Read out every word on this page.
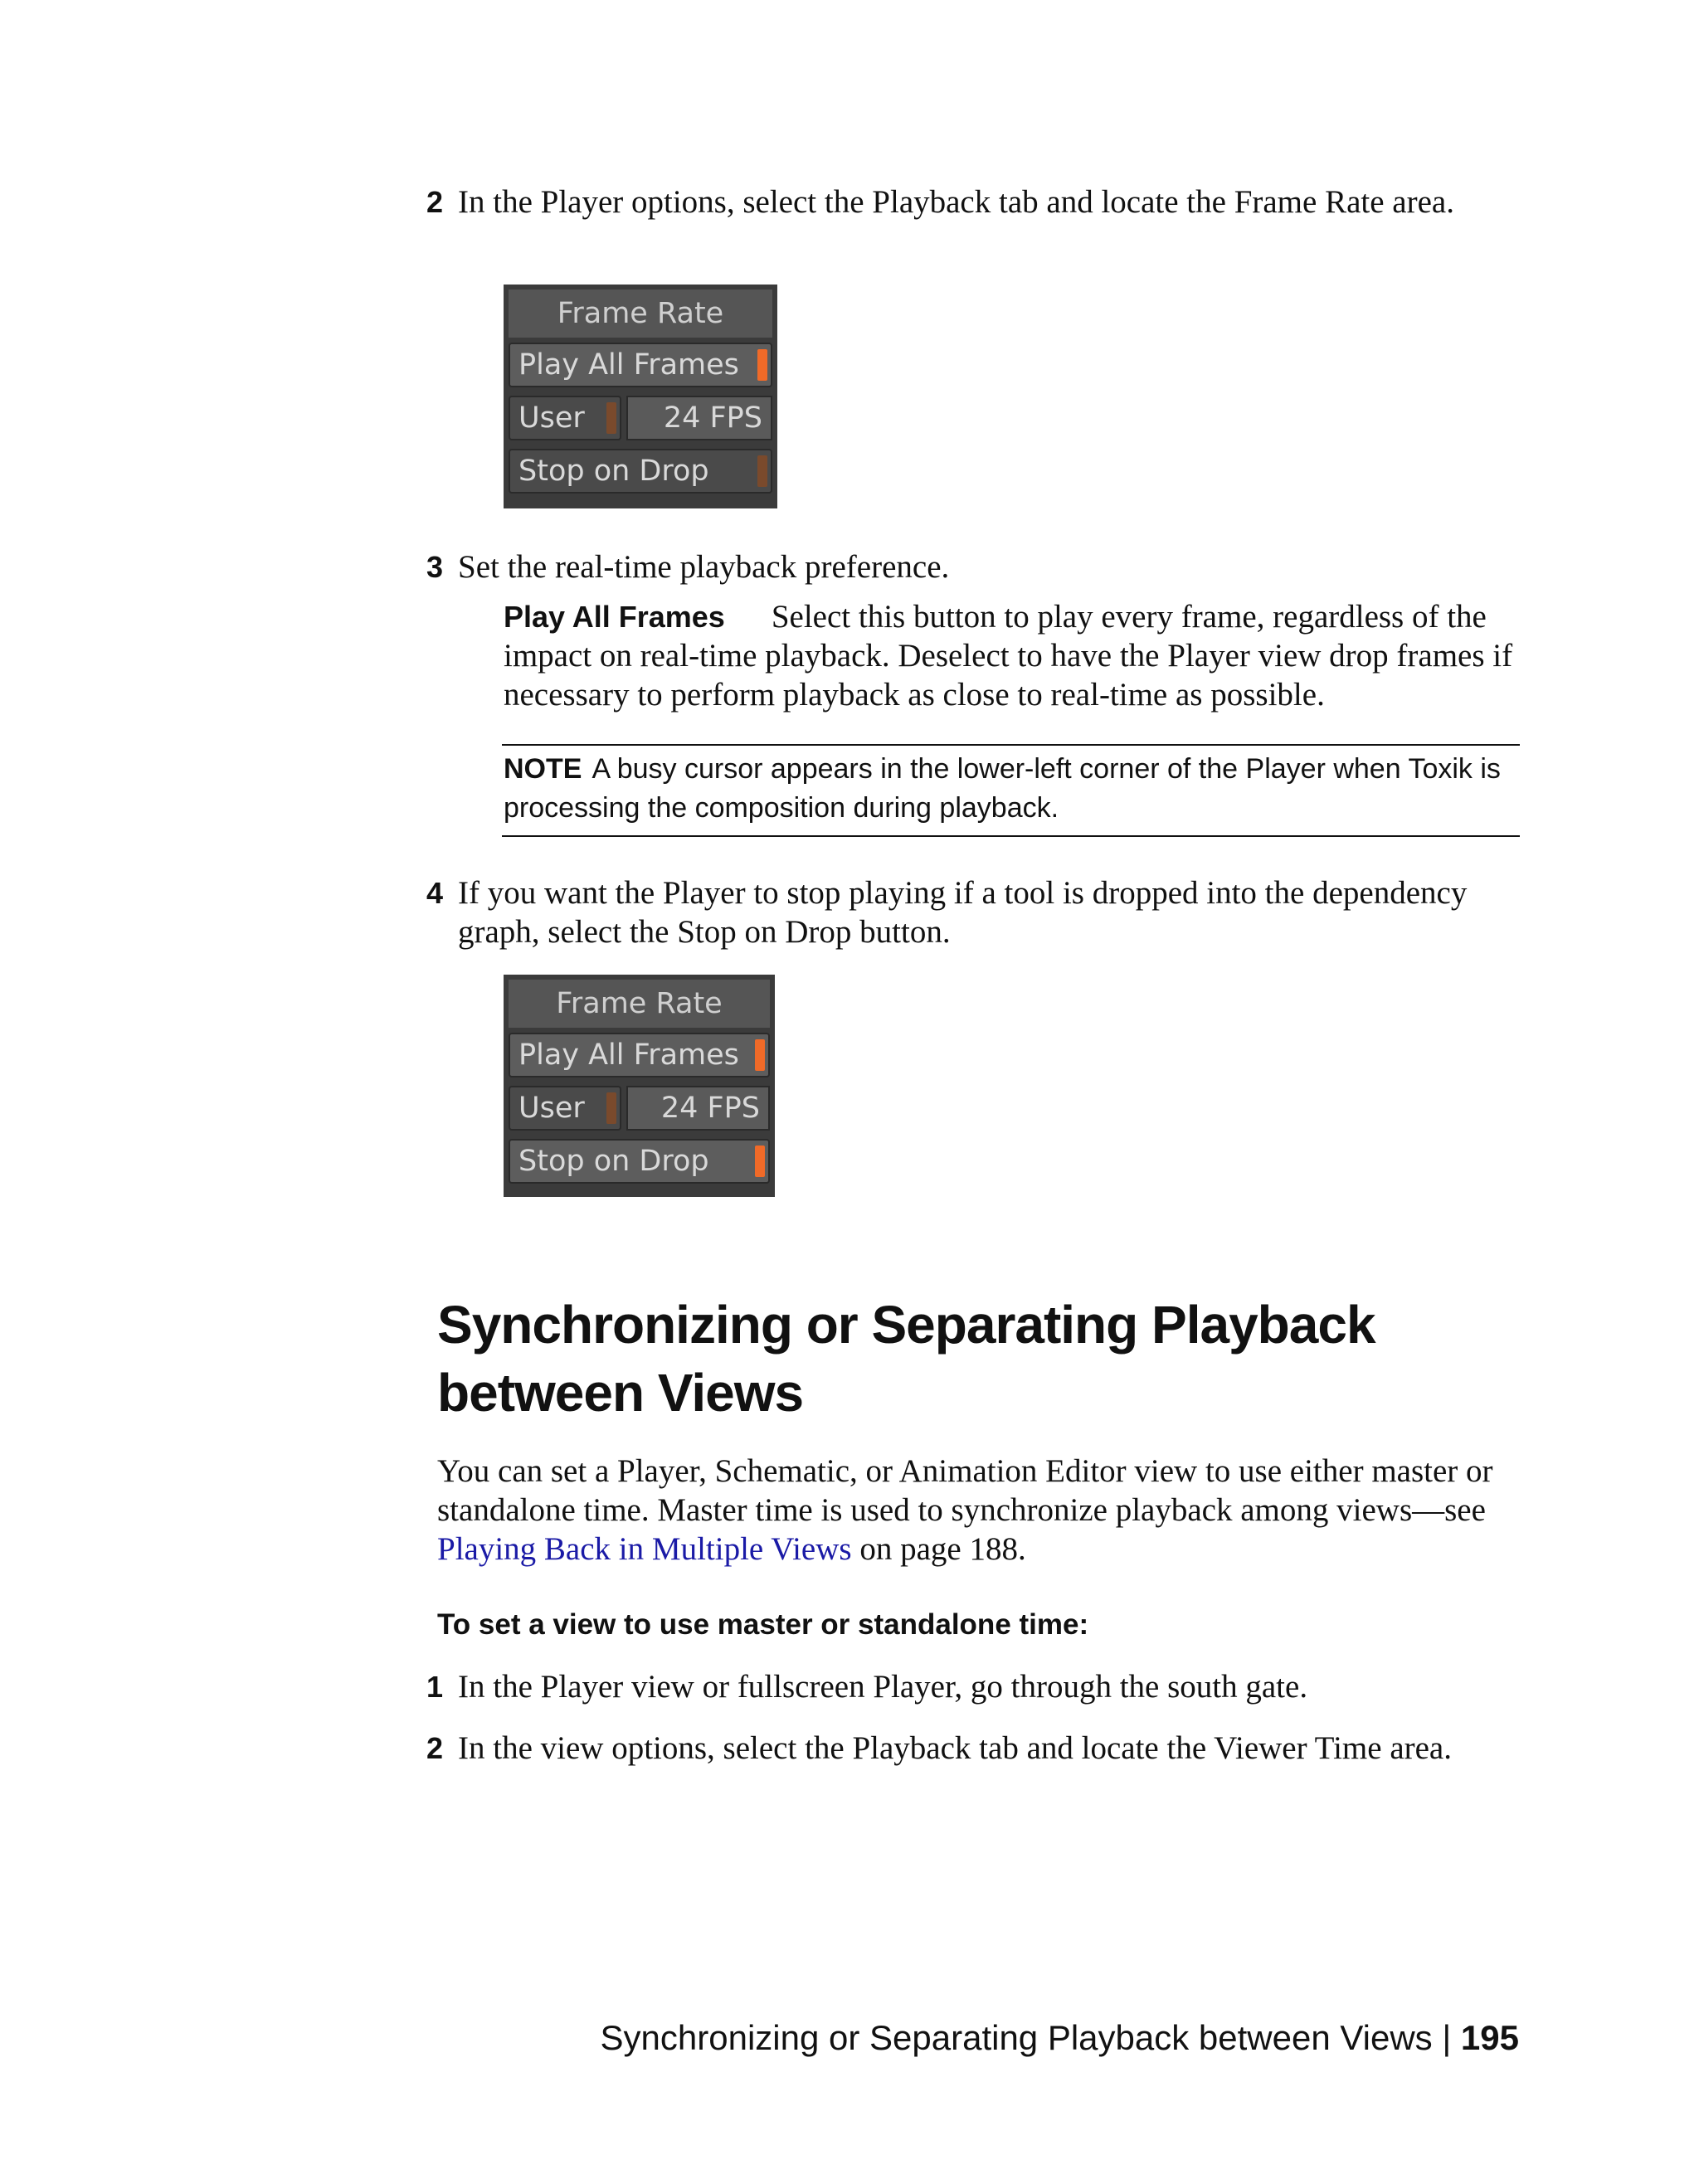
2 In the Player options, select the Playback tab and locate the Frame Rate area.
Frame Rate
Play All Frames
User	24 FPS
Stop on Drop
3 Set the real-time playback preference.
Play All Frames Select this button to play every frame, regardless of the impact on real-time playback. Deselect to have the Player view drop frames if necessary to perform playback as close to real-time as possible.
NOTE A busy cursor appears in the lower-left corner of the Player when Toxik is processing the composition during playback.
4 If you want the Player to stop playing if a tool is dropped into the dependency graph, select the Stop on Drop button.
Frame Rate
Play All Frames
User	24 FPS
Stop on Drop
Synchronizing or Separating Playback between Views
You can set a Player, Schematic, or Animation Editor view to use either master or standalone time. Master time is used to synchronize playback among views—see Playing Back in Multiple Views on page 188.
To set a view to use master or standalone time:
1 In the Player view or fullscreen Player, go through the south gate.
2 In the view options, select the Playback tab and locate the Viewer Time area.
Synchronizing or Separating Playback between Views | 195
